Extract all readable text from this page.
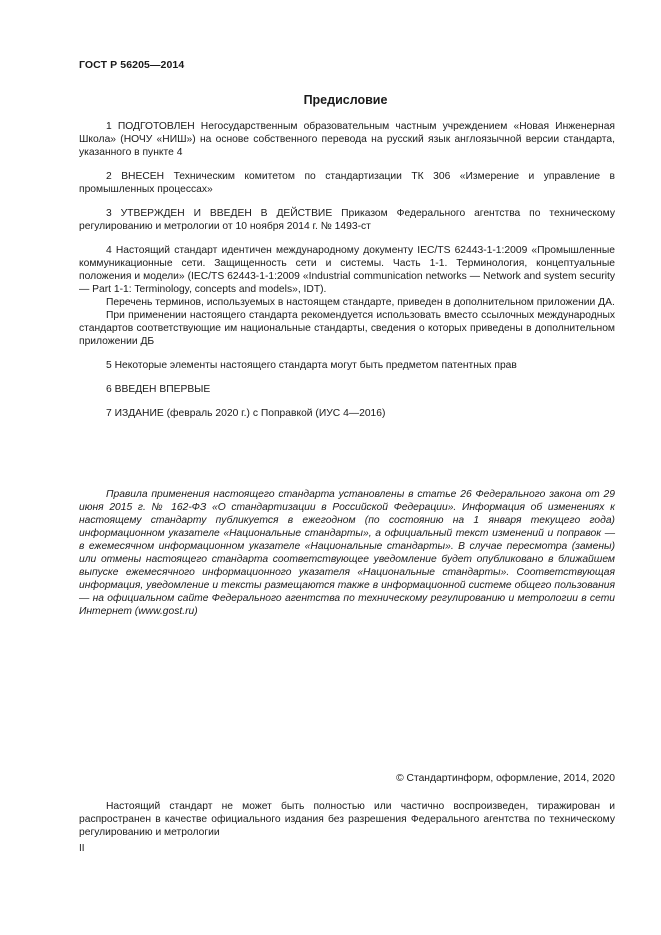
ГОСТ Р 56205—2014
Предисловие

1 ПОДГОТОВЛЕН Негосударственным образовательным частным учреждением «Новая Инженерная Школа» (НОЧУ «НИШ») на основе собственного перевода на русский язык англоязычной версии стандарта, указанного в пункте 4

2 ВНЕСЕН Техническим комитетом по стандартизации ТК 306 «Измерение и управление в промышленных процессах»

3 УТВЕРЖДЕН И ВВЕДЕН В ДЕЙСТВИЕ Приказом Федерального агентства по техническому регулированию и метрологии от 10 ноября 2014 г. № 1493-ст

4 Настоящий стандарт идентичен международному документу IEC/TS 62443-1-1:2009 «Промышленные коммуникационные сети. Защищенность сети и системы. Часть 1-1. Терминология, концептуальные положения и модели» (IEC/TS 62443-1-1:2009 «Industrial communication networks — Network and system security — Part 1-1: Terminology, concepts and models», IDT).

Перечень терминов, используемых в настоящем стандарте, приведен в дополнительном приложении ДА.

При применении настоящего стандарта рекомендуется использовать вместо ссылочных международных стандартов соответствующие им национальные стандарты, сведения о которых приведены в дополнительном приложении ДБ

5 Некоторые элементы настоящего стандарта могут быть предметом патентных прав

6 ВВЕДЕН ВПЕРВЫЕ

7 ИЗДАНИЕ (февраль 2020 г.) с Поправкой (ИУС 4—2016)

Правила применения настоящего стандарта установлены в статье 26 Федерального закона от 29 июня 2015 г. № 162-ФЗ «О стандартизации в Российской Федерации». Информация об изменениях к настоящему стандарту публикуется в ежегодном (по состоянию на 1 января текущего года) информационном указателе «Национальные стандарты», а официальный текст изменений и поправок — в ежемесячном информационном указателе «Национальные стандарты». В случае пересмотра (замены) или отмены настоящего стандарта соответствующее уведомление будет опубликовано в ближайшем выпуске ежемесячного информационного указателя «Национальные стандарты». Соответствующая информация, уведомление и тексты размещаются также в информационной системе общего пользования — на официальном сайте Федерального агентства по техническому регулированию и метрологии в сети Интернет (www.gost.ru)
© Стандартинформ, оформление, 2014, 2020
Настоящий стандарт не может быть полностью или частично воспроизведен, тиражирован и распространен в качестве официального издания без разрешения Федерального агентства по техническому регулированию и метрологии
II
